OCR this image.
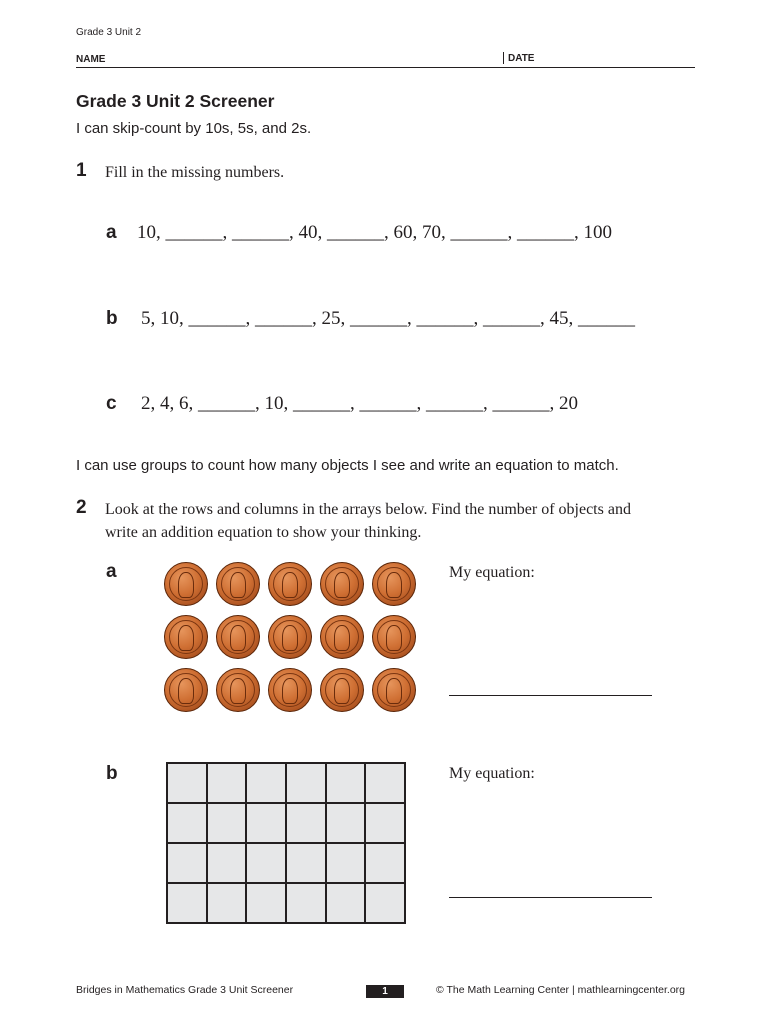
Grade 3 Unit 2
NAME	DATE
Grade 3 Unit 2 Screener
I can skip-count by 10s, 5s, and 2s.
1 Fill in the missing numbers.
a 10, ______, ______, 40, ______, 60, 70, ______, ______, 100
b 5, 10, ______, ______, 25, ______, ______, ______, 45, ______
c 2, 4, 6, ______, 10, ______, ______, ______, ______, 20
I can use groups to count how many objects I see and write an equation to match.
2 Look at the rows and columns in the arrays below. Find the number of objects and
write an addition equation to show your thinking.
a	My equation:
b	My equation:
Bridges in Mathematics Grade 3 Unit Screener	1	© The Math Learning Center | mathlearningcenter.org
